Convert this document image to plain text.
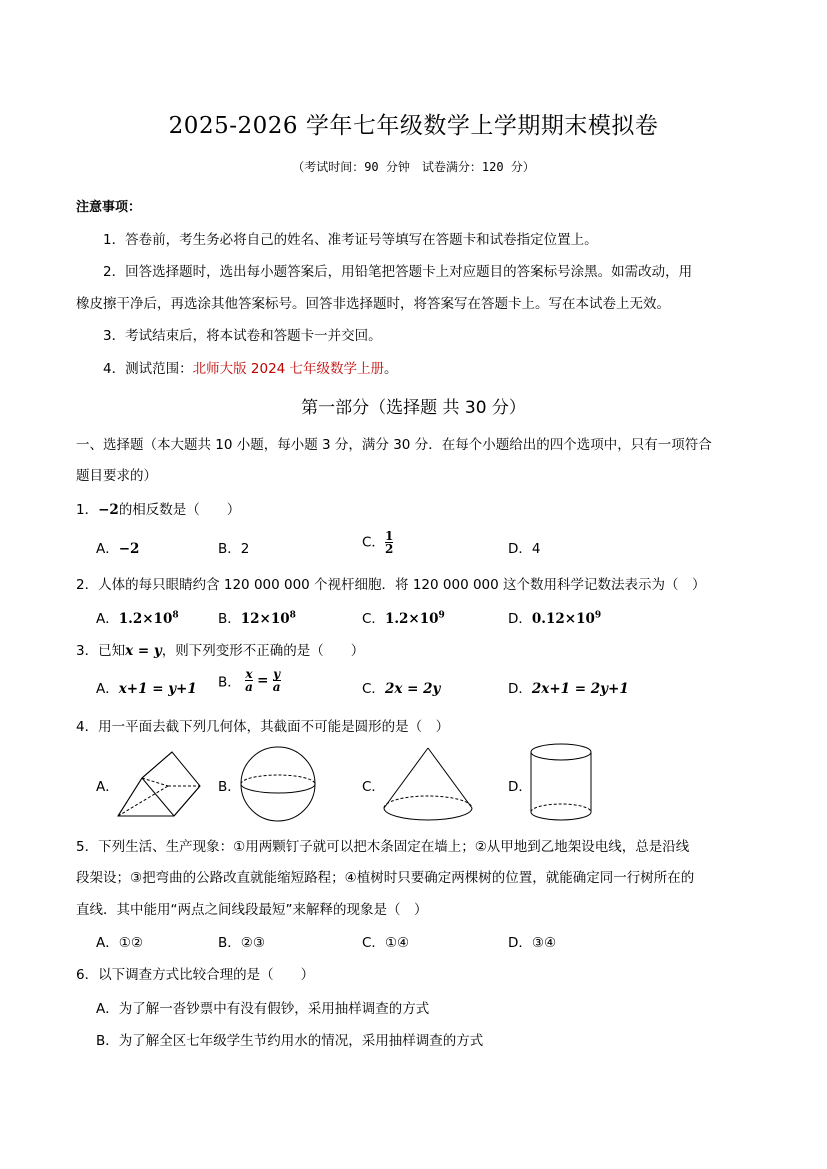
2025-2026 学年七年级数学上学期期末模拟卷
（考试时间：90 分钟　试卷满分：120 分）
注意事项：
1．答卷前，考生务必将自己的姓名、准考证号等填写在答题卡和试卷指定位置上。
2．回答选择题时，选出每小题答案后，用铅笔把答题卡上对应题目的答案标号涂黑。如需改动，用
橡皮擦干净后，再选涂其他答案标号。回答非选择题时，将答案写在答题卡上。写在本试卷上无效。
3．考试结束后，将本试卷和答题卡一并交回。
4．测试范围：北师大版 2024 七年级数学上册。
第一部分（选择题 共 30 分）
一、选择题（本大题共 10 小题，每小题 3 分，满分 30 分．在每个小题给出的四个选项中，只有一项符合
题目要求的）
1．−2的相反数是（　　）
A．−2	B．2	C． $\frac{1}{2}$	D．4
2．人体的每只眼睛约含 120 000 000 个视杆细胞．将 120 000 000 这个数用科学记数法表示为（　）
A．$1.2\times 10^8$	B．$12\times 10^8$	C．$1.2\times 10^9$	D．$0.12\times 10^9$
3．已知x = y，则下列变形不正确的是（　　）
A．x+1 = y+1 B． $\frac{x}{a} = \frac{y}{a}$	C．2x = 2y	D．2x+1 = 2y+1
4．用一平面去截下列几何体，其截面不可能是圆形的是（　）
A．	B．	C．	D．
5．下列生活、生产现象：①用两颗钉子就可以把木条固定在墙上；②从甲地到乙地架设电线，总是沿线
段架设；③把弯曲的公路改直就能缩短路程；④植树时只要确定两棵树的位置，就能确定同一行树所在的
直线．其中能用“两点之间线段最短”来解释的现象是（　）
A．①②	B．②③	C．①④	D．③④
6．以下调查方式比较合理的是（　　）
A．为了解一沓钞票中有没有假钞，采用抽样调查的方式
B．为了解全区七年级学生节约用水的情况，采用抽样调查的方式
